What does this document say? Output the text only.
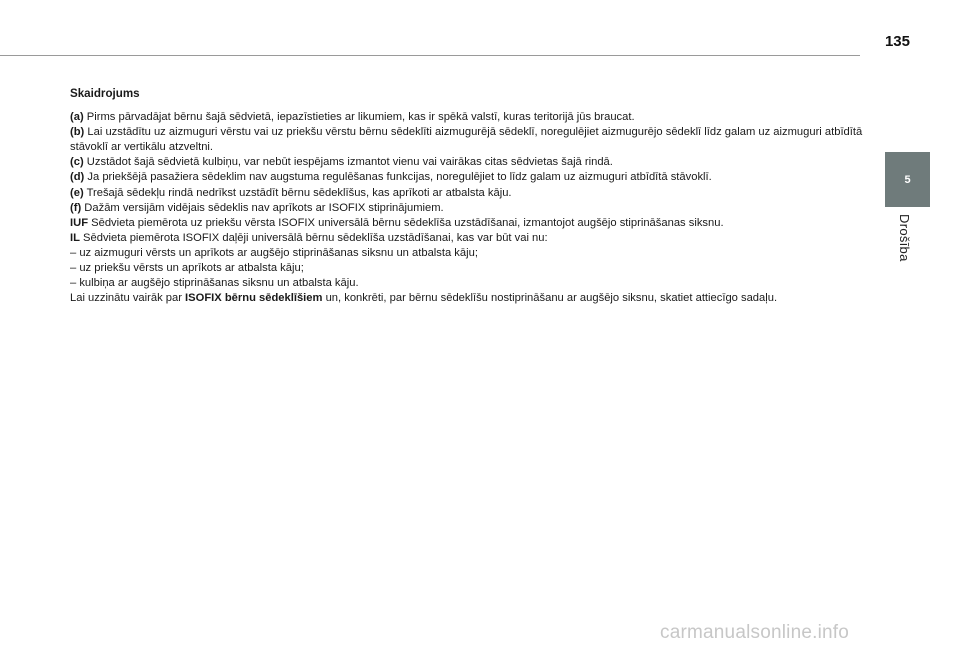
135
5
Drošība
Skaidrojums
(a) Pirms pārvadājat bērnu šajā sēdvietā, iepazīstieties ar likumiem, kas ir spēkā valstī, kuras teritorijā jūs braucat.
(b) Lai uzstādītu uz aizmuguri vērstu vai uz priekšu vērstu bērnu sēdeklīti aizmugurējā sēdeklī, noregulējiet aizmugurējo sēdeklī līdz galam uz aizmuguri atbīdītā stāvoklī ar vertikālu atzveltni.
(c) Uzstādot šajā sēdvietā kulbiņu, var nebūt iespējams izmantot vienu vai vairākas citas sēdvietas šajā rindā.
(d) Ja priekšējā pasažiera sēdeklim nav augstuma regulēšanas funkcijas, noregulējiet to līdz galam uz aizmuguri atbīdītā stāvoklī.
(e) Trešajā sēdekļu rindā nedrīkst uzstādīt bērnu sēdeklīšus, kas aprīkoti ar atbalsta kāju.
(f) Dažām versijām vidējais sēdeklis nav aprīkots ar ISOFIX stiprinājumiem.
IUF Sēdvieta piemērota uz priekšu vērsta ISOFIX universālā bērnu sēdeklīša uzstādīšanai, izmantojot augšējo stiprināšanas siksnu.
IL Sēdvieta piemērota ISOFIX daļēji universālā bērnu sēdeklīša uzstādīšanai, kas var būt vai nu:
– uz aizmuguri vērsts un aprīkots ar augšējo stiprināšanas siksnu un atbalsta kāju;
– uz priekšu vērsts un aprīkots ar atbalsta kāju;
– kulbiņa ar augšējo stiprināšanas siksnu un atbalsta kāju.
Lai uzzinātu vairāk par ISOFIX bērnu sēdeklīšiem un, konkrēti, par bērnu sēdeklīšu nostiprināšanu ar augšējo siksnu, skatiet attiecīgo sadaļu.
carmanualsonline.info
